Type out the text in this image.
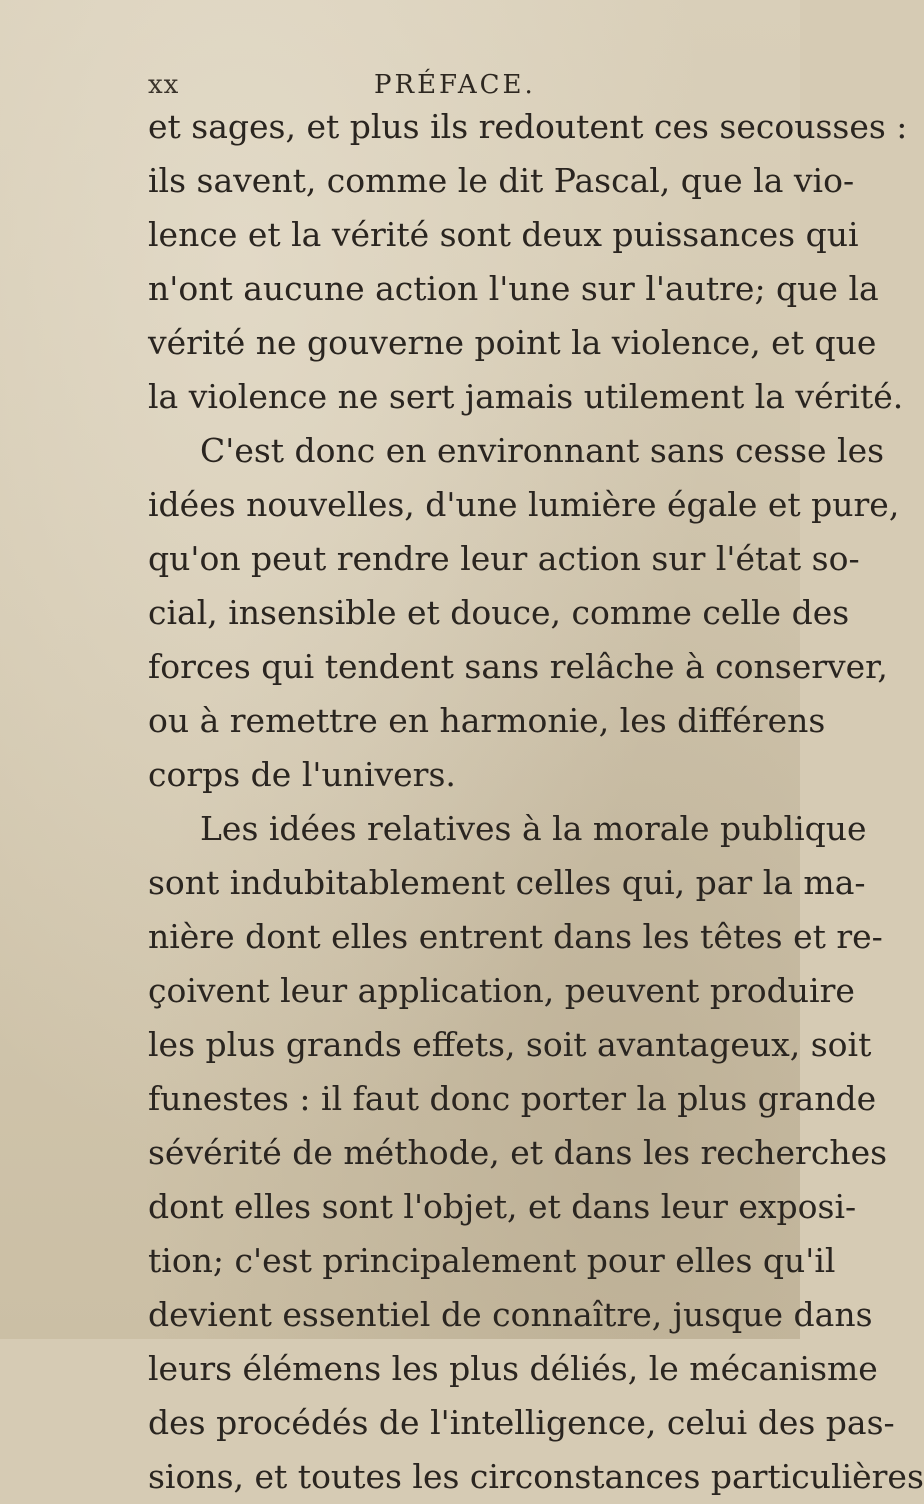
xx	PRÉFACE.
et sages, et plus ils redoutent ces secousses :
ils savent, comme le dit Pascal, que la vio-
lence et la vérité sont deux puissances qui
n'ont aucune action l'une sur l'autre; que la
vérité ne gouverne point la violence, et que
la violence ne sert jamais utilement la vérité.
C'est donc en environnant sans cesse les
idées nouvelles, d'une lumière égale et pure,
qu'on peut rendre leur action sur l'état so-
cial, insensible et douce, comme celle des
forces qui tendent sans relâche à conserver,
ou à remettre en harmonie, les différens
corps de l'univers.
Les idées relatives à la morale publique
sont indubitablement celles qui, par la ma-
nière dont elles entrent dans les têtes et re-
çoivent leur application, peuvent produire
les plus grands effets, soit avantageux, soit
funestes : il faut donc porter la plus grande
sévérité de méthode, et dans les recherches
dont elles sont l'objet, et dans leur exposi-
tion; c'est principalement pour elles qu'il
devient essentiel de connaître, jusque dans
leurs élémens les plus déliés, le mécanisme
des procédés de l'intelligence, celui des pas-
sions, et toutes les circonstances particulières
